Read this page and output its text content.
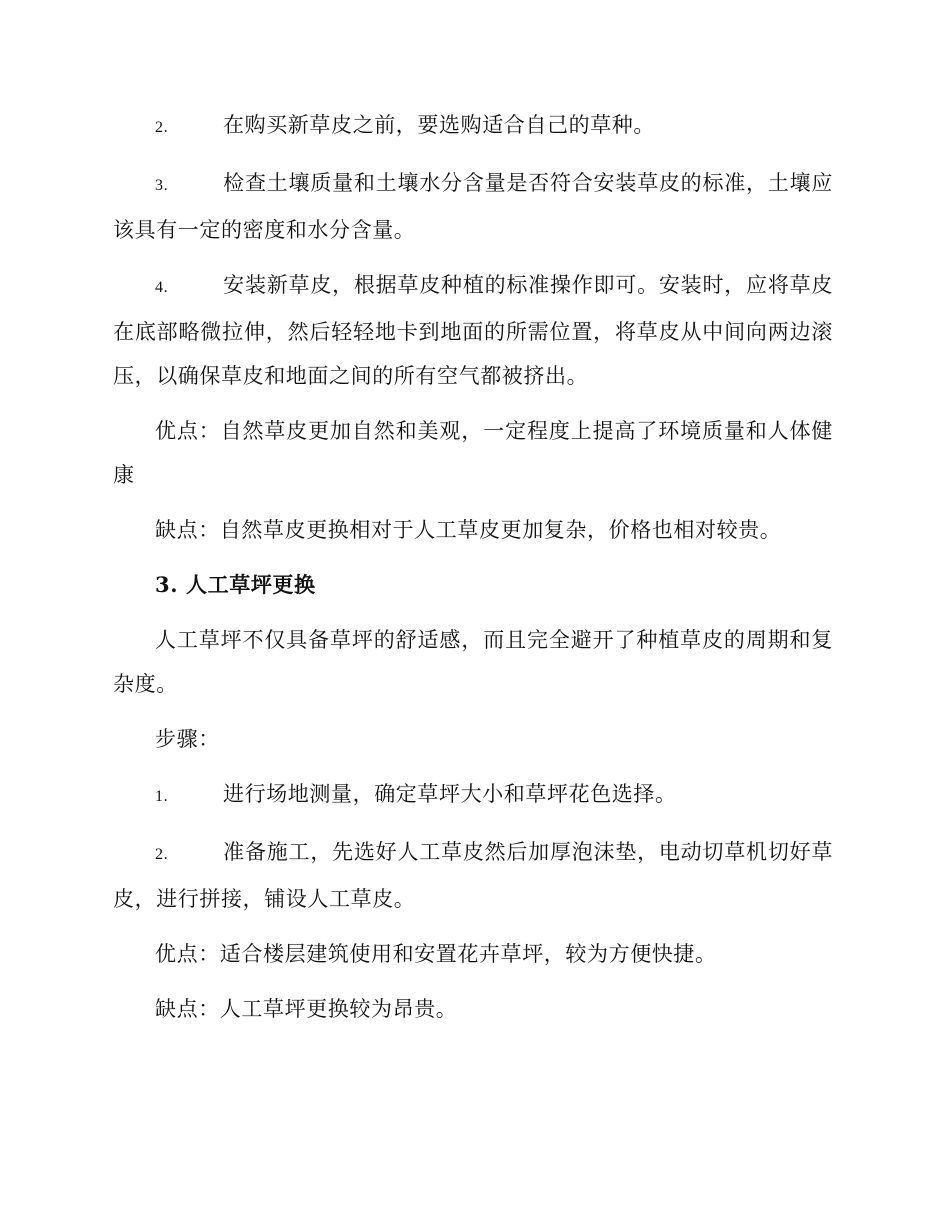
2.	在购买新草皮之前，要选购适合自己的草种。

3.	检查土壤质量和土壤水分含量是否符合安装草皮的标准，土壤应该具有一定的密度和水分含量。

4.	安装新草皮，根据草皮种植的标准操作即可。安装时，应将草皮在底部略微拉伸，然后轻轻地卡到地面的所需位置，将草皮从中间向两边滚压，以确保草皮和地面之间的所有空气都被挤出。

优点：自然草皮更加自然和美观，一定程度上提高了环境质量和人体健康

缺点：自然草皮更换相对于人工草皮更加复杂，价格也相对较贵。

3. 人工草坪更换

人工草坪不仅具备草坪的舒适感，而且完全避开了种植草皮的周期和复杂度。

步骤：

1.	进行场地测量，确定草坪大小和草坪花色选择。

2.	准备施工，先选好人工草皮然后加厚泡沫垫，电动切草机切好草皮，进行拼接，铺设人工草皮。

优点：适合楼层建筑使用和安置花卉草坪，较为方便快捷。

缺点：人工草坪更换较为昂贵。
